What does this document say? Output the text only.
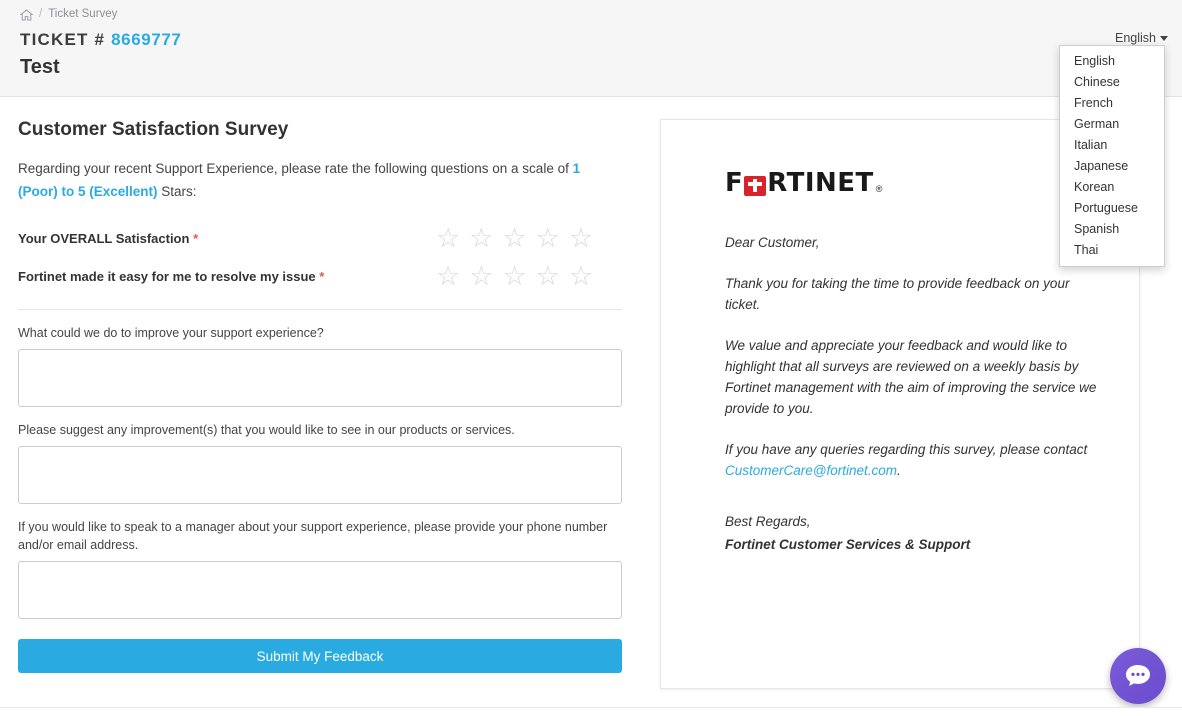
/ Ticket Survey
TICKET # 8669777
Test
English
English
Chinese
French
German
Italian
Japanese
Korean
Portuguese
Spanish
Thai
Customer Satisfaction Survey
Regarding your recent Support Experience, please rate the following questions on a scale of 1 (Poor) to 5 (Excellent) Stars:
Your OVERALL Satisfaction *	☆ ☆ ☆ ☆ ☆
Fortinet made it easy for me to resolve my issue *	☆ ☆ ☆ ☆ ☆
What could we do to improve your support experience?
Please suggest any improvement(s) that you would like to see in our products or services.
If you would like to speak to a manager about your support experience, please provide your phone number and/or email address.
Submit My Feedback
F RTINET ®

Dear Customer,

Thank you for taking the time to provide feedback on your ticket.

We value and appreciate your feedback and would like to highlight that all surveys are reviewed on a weekly basis by Fortinet management with the aim of improving the service we provide to you.

If you have any queries regarding this survey, please contact CustomerCare@fortinet.com.

Best Regards,

Fortinet Customer Services & Support
